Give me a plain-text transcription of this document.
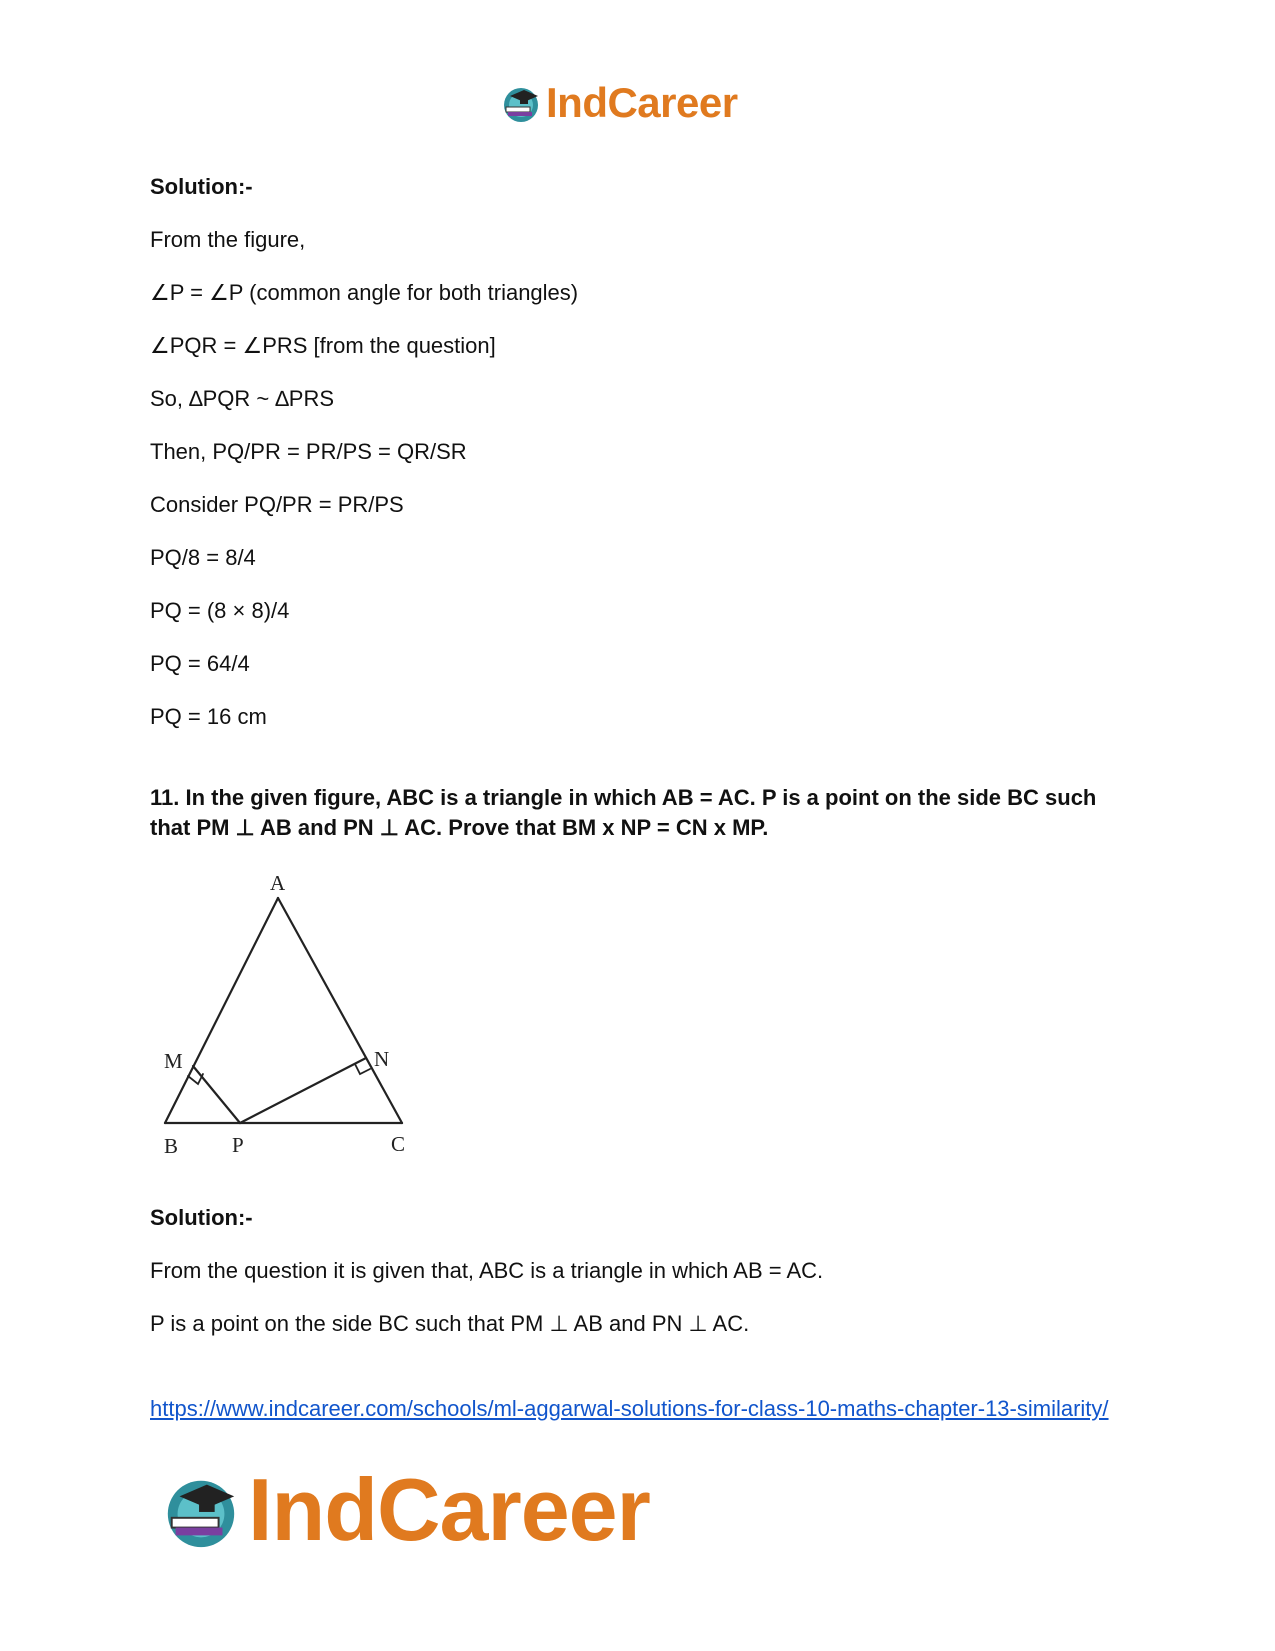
IndCareer
Solution:-
From the figure,
∠P = ∠P (common angle for both triangles)
∠PQR = ∠PRS [from the question]
So, ∆PQR ~ ∆PRS
Then, PQ/PR = PR/PS = QR/SR
Consider PQ/PR = PR/PS
PQ/8 = 8/4
PQ = (8 × 8)/4
PQ = 64/4
PQ = 16 cm
11. In the given figure, ABC is a triangle in which AB = AC. P is a point on the side BC such that PM ⊥ AB and PN ⊥ AC. Prove that BM x NP = CN x MP.
A
B	C
M	N
P
Solution:-
From the question it is given that, ABC is a triangle in which AB = AC.
P is a point on the side BC such that PM ⊥ AB and PN ⊥ AC.
https://www.indcareer.com/schools/ml-aggarwal-solutions-for-class-10-maths-chapter-13-similarity/
IndCareer
